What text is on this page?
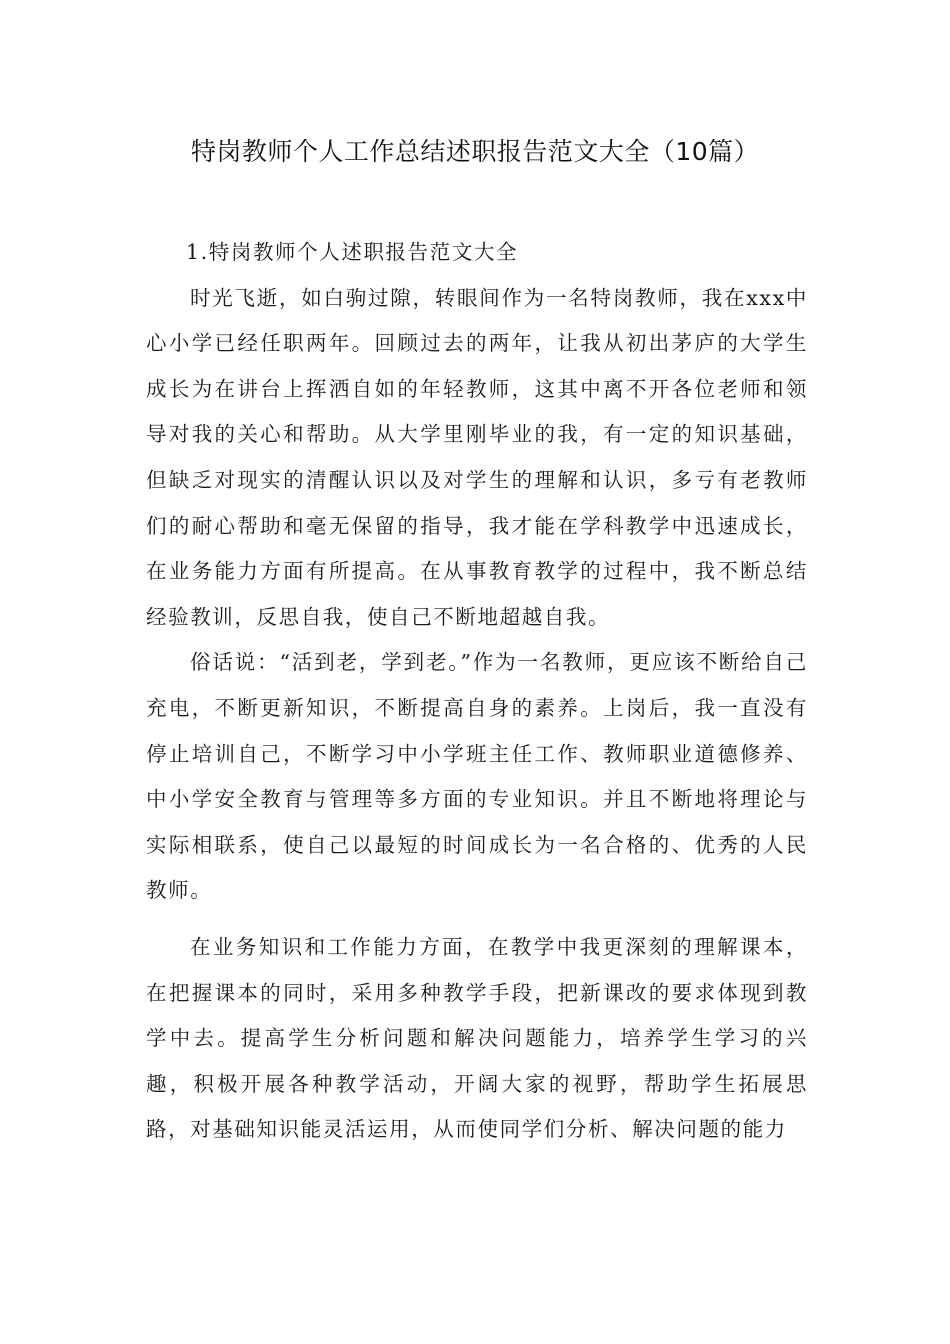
特岗教师个人工作总结述职报告范文大全（10篇）

1.特岗教师个人述职报告范文大全

时光飞逝，如白驹过隙，转眼间作为一名特岗教师，我在xxx中心小学已经任职两年。回顾过去的两年，让我从初出茅庐的大学生成长为在讲台上挥洒自如的年轻教师，这其中离不开各位老师和领导对我的关心和帮助。从大学里刚毕业的我，有一定的知识基础，但缺乏对现实的清醒认识以及对学生的理解和认识，多亏有老教师们的耐心帮助和毫无保留的指导，我才能在学科教学中迅速成长，在业务能力方面有所提高。在从事教育教学的过程中，我不断总结经验教训，反思自我，使自己不断地超越自我。

俗话说：“活到老，学到老。”作为一名教师，更应该不断给自己充电，不断更新知识，不断提高自身的素养。上岗后，我一直没有停止培训自己，不断学习中小学班主任工作、教师职业道德修养、中小学安全教育与管理等多方面的专业知识。并且不断地将理论与实际相联系，使自己以最短的时间成长为一名合格的、优秀的人民教师。

在业务知识和工作能力方面，在教学中我更深刻的理解课本，在把握课本的同时，采用多种教学手段，把新课改的要求体现到教学中去。提高学生分析问题和解决问题能力，培养学生学习的兴趣，积极开展各种教学活动，开阔大家的视野，帮助学生拓展思路，对基础知识能灵活运用，从而使同学们分析、解决问题的能力
